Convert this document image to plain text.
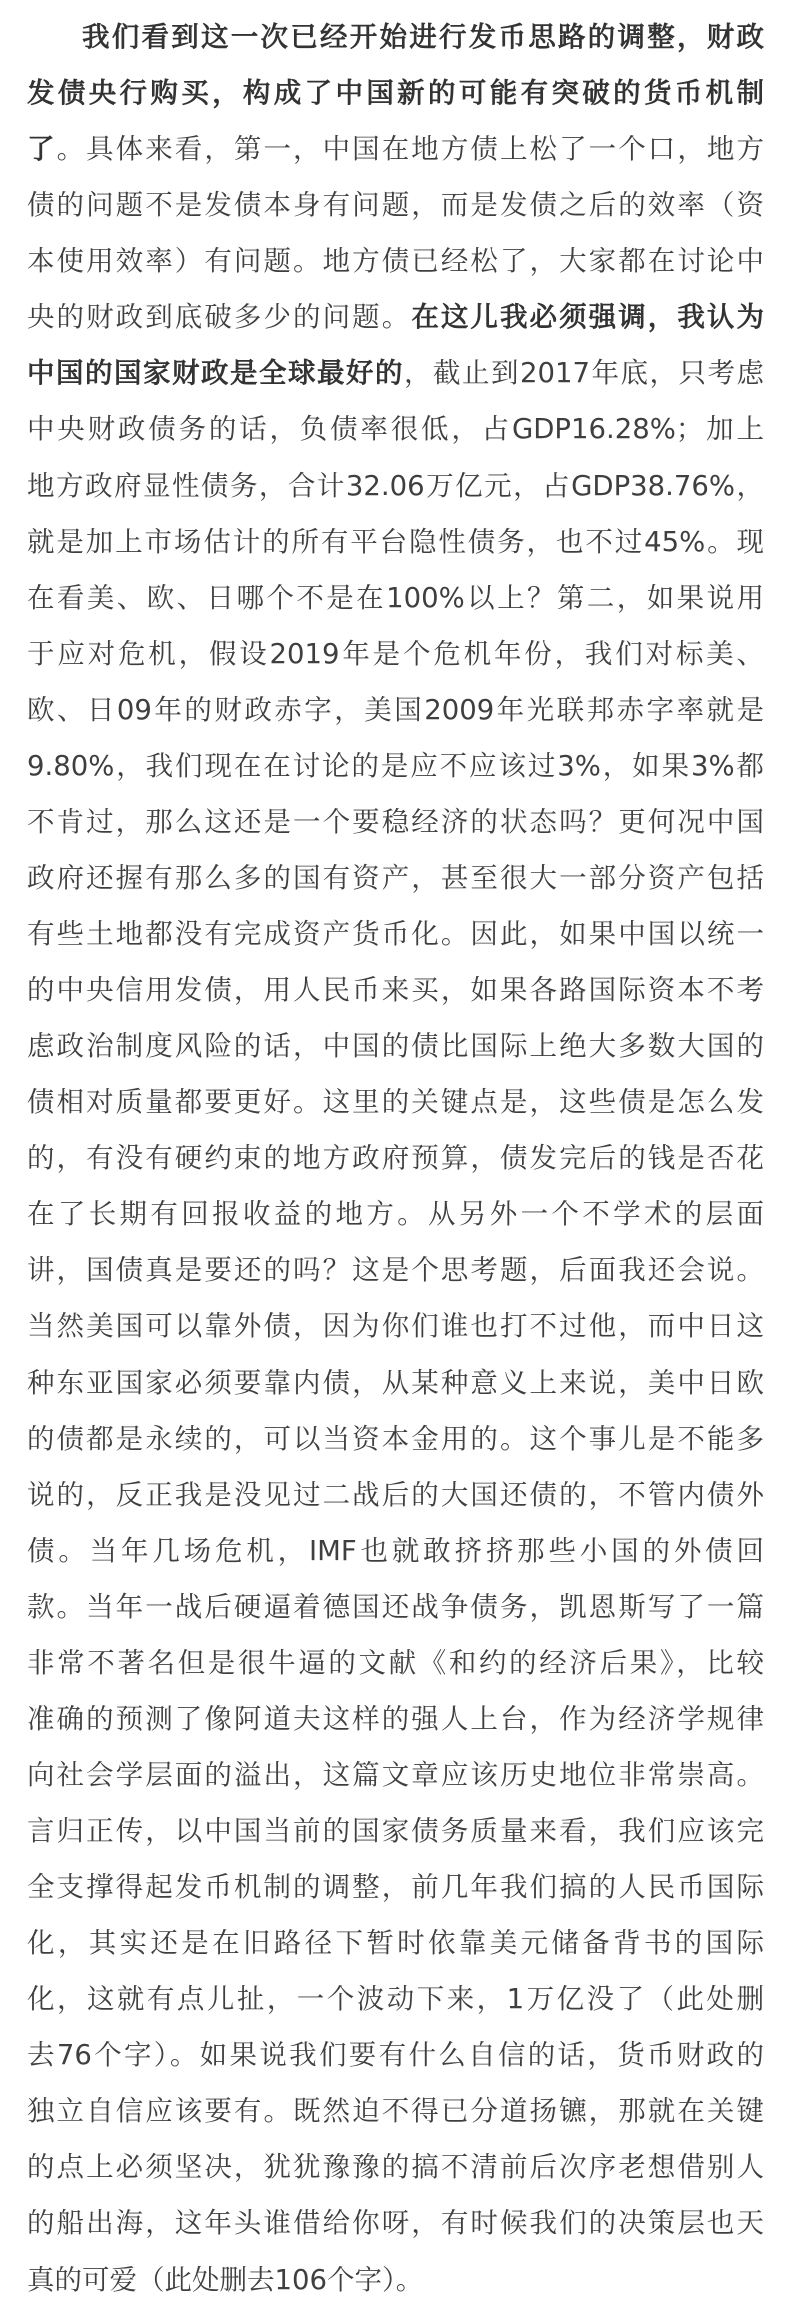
我们看到这一次已经开始进行发币思路的调整，财政
发债央行购买，构成了中国新的可能有突破的货币机制
了。具体来看，第一，中国在地方债上松了一个口，地方
债的问题不是发债本身有问题，而是发债之后的效率（资
本使用效率）有问题。地方债已经松了，大家都在讨论中
央的财政到底破多少的问题。在这儿我必须强调，我认为
中国的国家财政是全球最好的，截止到2017年底，只考虑
中央财政债务的话，负债率很低，占GDP16.28%；加上
地方政府显性债务，合计32.06万亿元，占GDP38.76%，
就是加上市场估计的所有平台隐性债务，也不过45%。现
在看美、欧、日哪个不是在100%以上？第二，如果说用
于应对危机，假设2019年是个危机年份，我们对标美、
欧、日09年的财政赤字，美国2009年光联邦赤字率就是
9.80%，我们现在在讨论的是应不应该过3%，如果3%都
不肯过，那么这还是一个要稳经济的状态吗？更何况中国
政府还握有那么多的国有资产，甚至很大一部分资产包括
有些土地都没有完成资产货币化。因此，如果中国以统一
的中央信用发债，用人民币来买，如果各路国际资本不考
虑政治制度风险的话，中国的债比国际上绝大多数大国的
债相对质量都要更好。这里的关键点是，这些债是怎么发
的，有没有硬约束的地方政府预算，债发完后的钱是否花
在了长期有回报收益的地方。从另外一个不学术的层面
讲，国债真是要还的吗？这是个思考题，后面我还会说。
当然美国可以靠外债，因为你们谁也打不过他，而中日这
种东亚国家必须要靠内债，从某种意义上来说，美中日欧
的债都是永续的，可以当资本金用的。这个事儿是不能多
说的，反正我是没见过二战后的大国还债的，不管内债外
债。当年几场危机，IMF也就敢挤挤那些小国的外债回
款。当年一战后硬逼着德国还战争债务，凯恩斯写了一篇
非常不著名但是很牛逼的文献《和约的经济后果》，比较
准确的预测了像阿道夫这样的强人上台，作为经济学规律
向社会学层面的溢出，这篇文章应该历史地位非常崇高。
言归正传，以中国当前的国家债务质量来看，我们应该完
全支撑得起发币机制的调整，前几年我们搞的人民币国际
化，其实还是在旧路径下暂时依靠美元储备背书的国际
化，这就有点儿扯，一个波动下来，1万亿没了（此处删
去76个字）。如果说我们要有什么自信的话，货币财政的
独立自信应该要有。既然迫不得已分道扬镳，那就在关键
的点上必须坚决，犹犹豫豫的搞不清前后次序老想借别人
的船出海，这年头谁借给你呀，有时候我们的决策层也天
真的可爱（此处删去106个字）。
